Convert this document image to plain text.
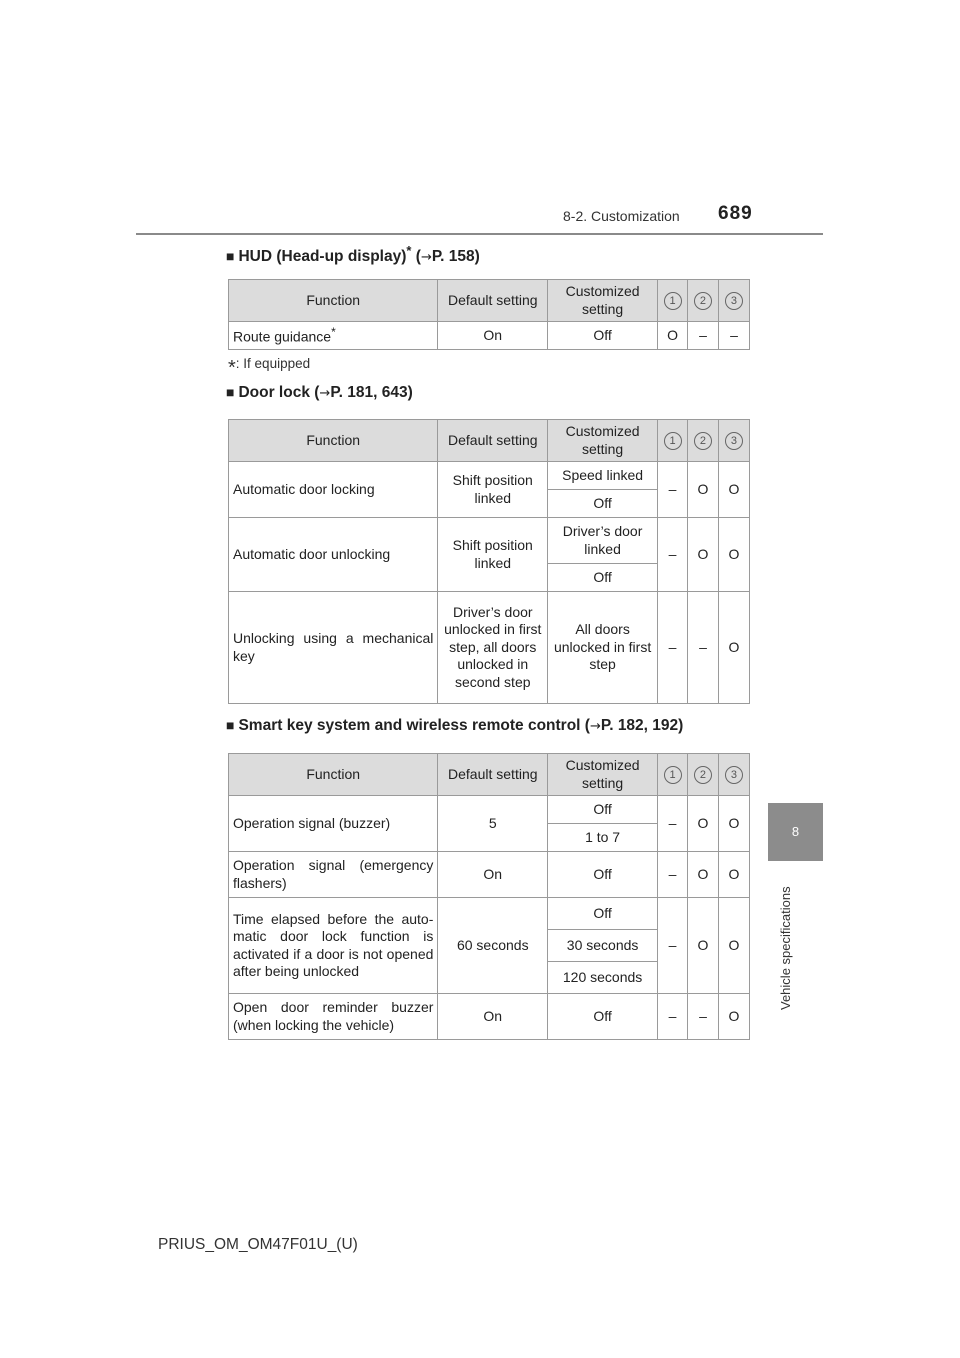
8-2. Customization 689
8
Vehicle specifications
■ HUD (Head-up display)* (→P. 158)
Function	Default setting	Customized setting	1	2	3
Route guidance*	On	Off	O	–	–
*: If equipped
■ Door lock (→P. 181, 643)
Function	Default setting	Customized setting	1	2	3
Automatic door locking	Shift position linked	Speed linked	–	O	O
		Off			
Automatic door unlocking	Shift position linked	Driver’s door linked	–	O	O
		Off			
Unlocking using a mechanical key	Driver’s door unlocked in first step, all doors unlocked in second step	All doors unlocked in first step	–	–	O
■ Smart key system and wireless remote control (→P. 182, 192)
Function	Default setting	Customized setting	1	2	3
Operation signal (buzzer)	5	Off	–	O	O
		1 to 7			
Operation signal (emergency flashers)	On	Off	–	O	O
Time elapsed before the auto-matic door lock function is activated if a door is not opened after being unlocked	60 seconds	Off	–	O	O
		30 seconds			
		120 seconds			
Open door reminder buzzer (when locking the vehicle)	On	Off	–	–	O
PRIUS_OM_OM47F01U_(U)
